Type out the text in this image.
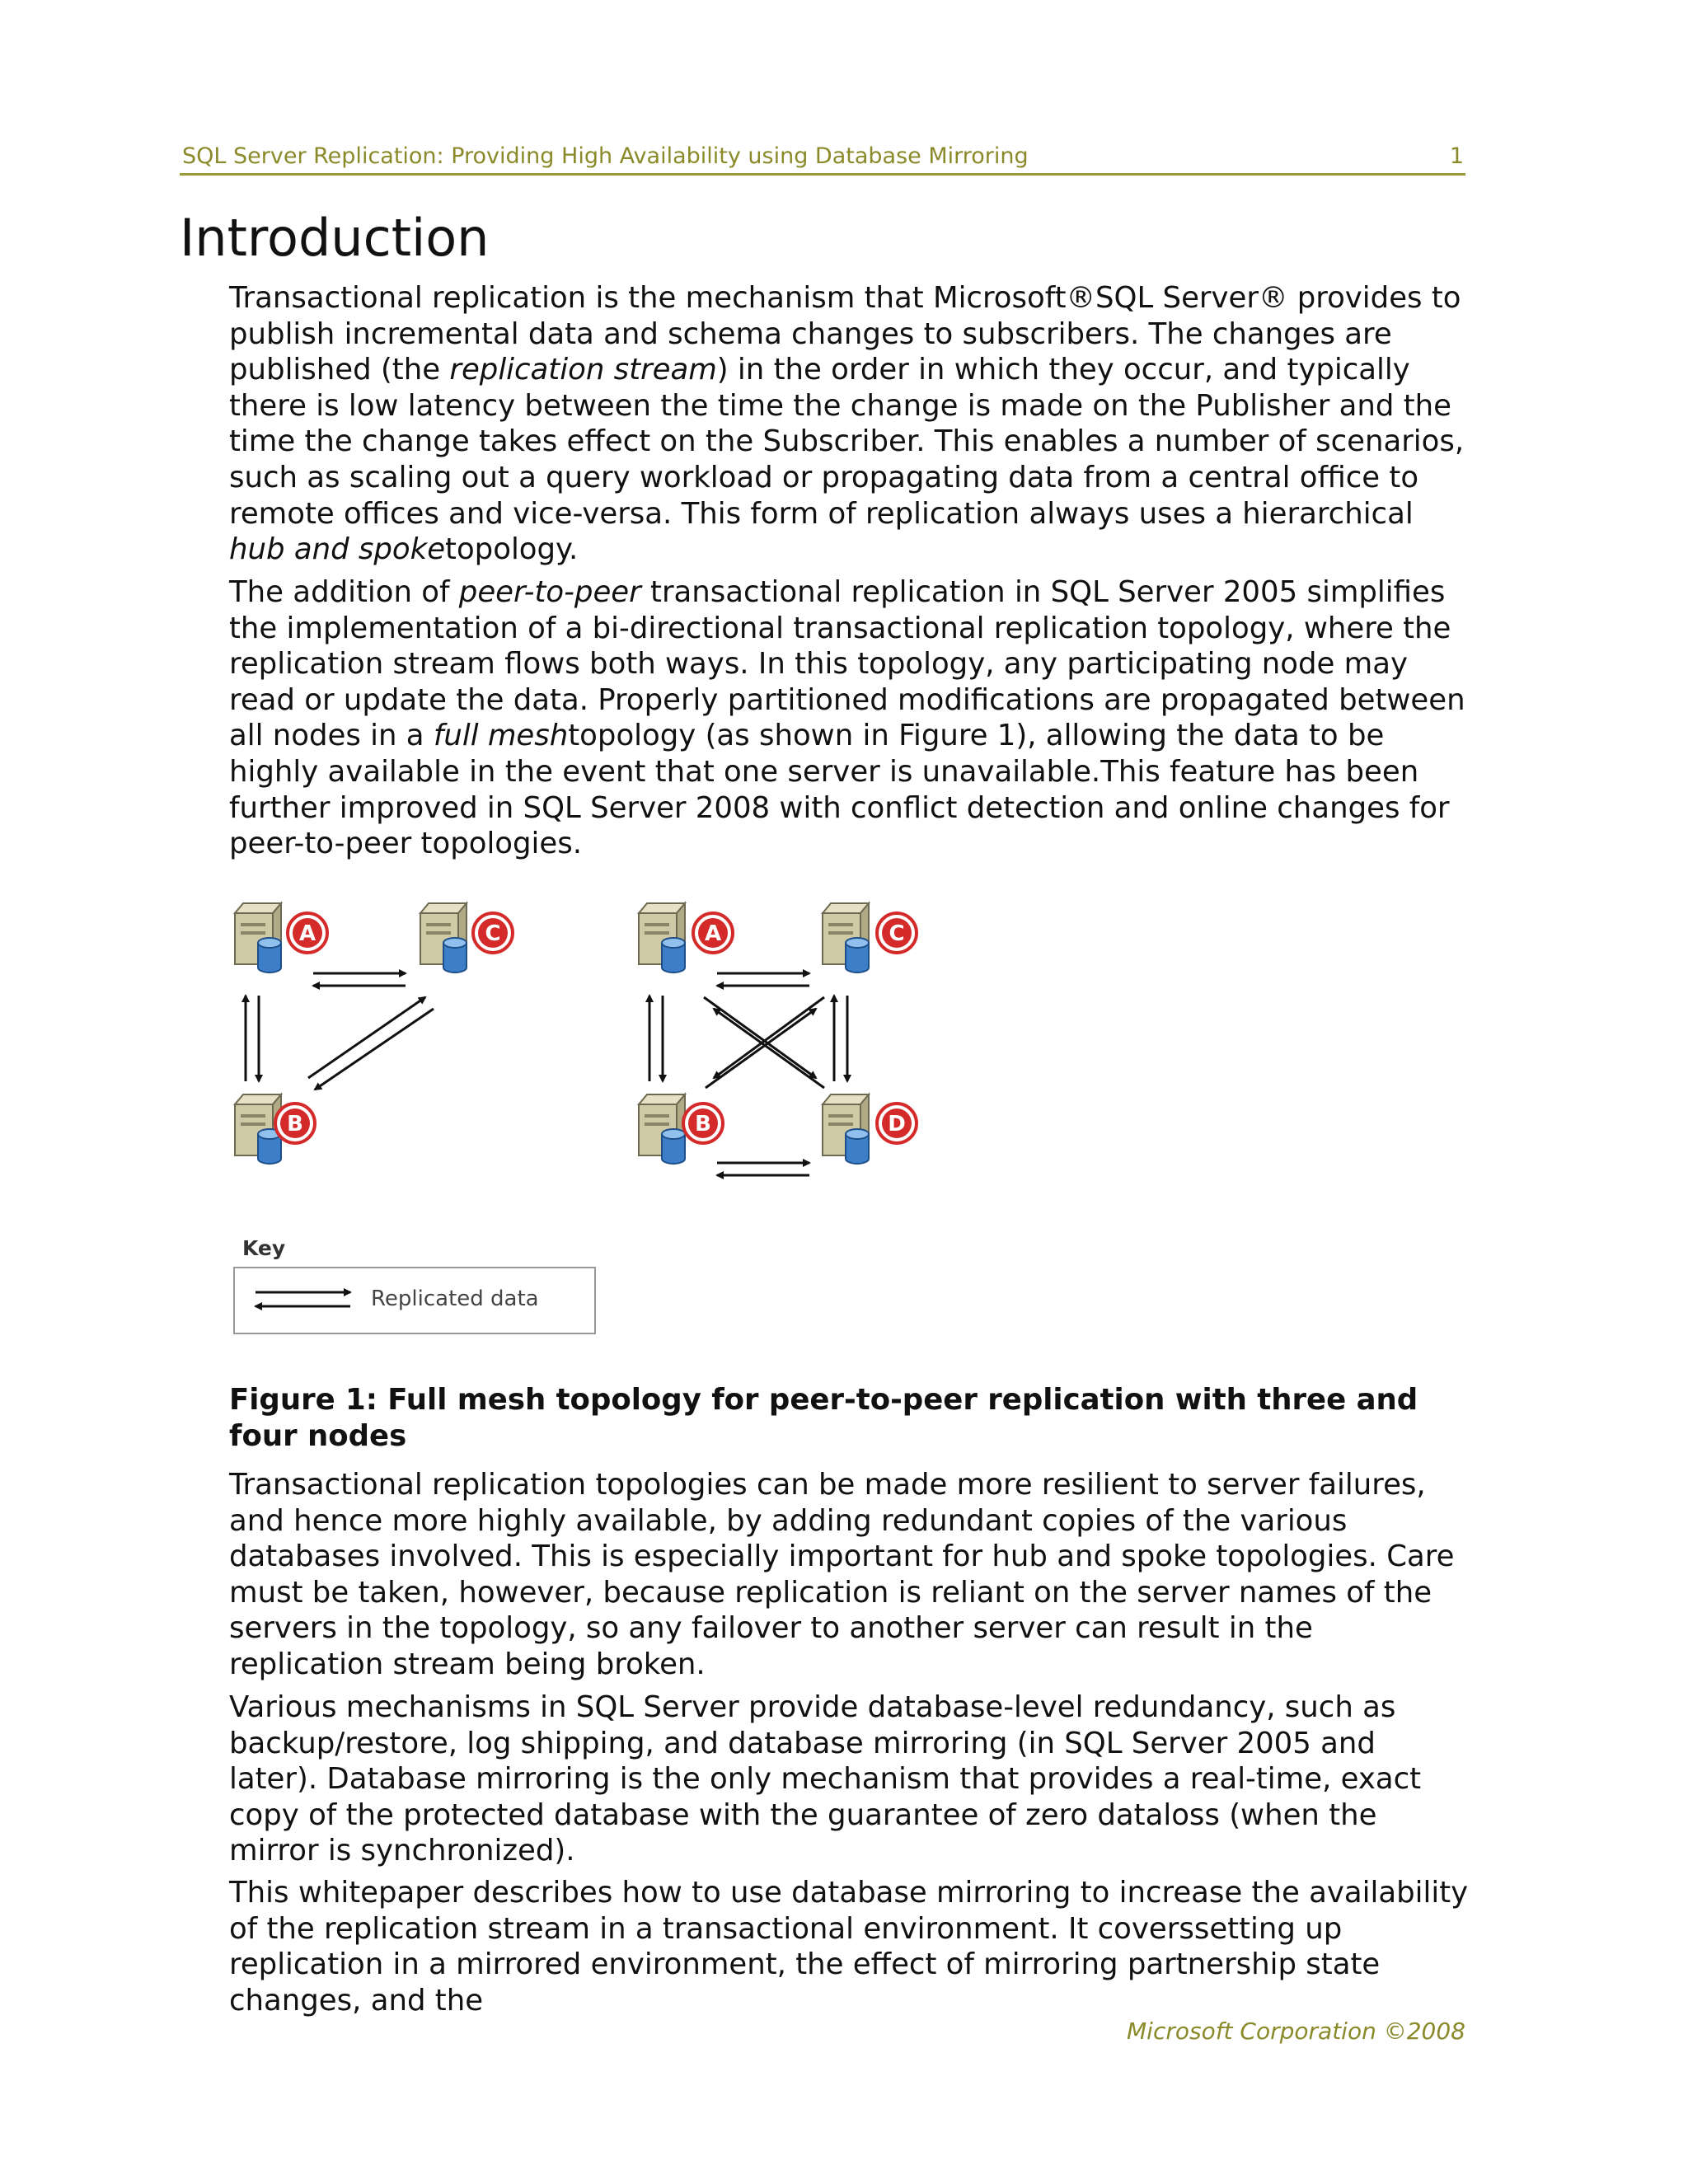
SQL Server Replication: Providing High Availability using Database Mirroring	1
Introduction

Transactional replication is the mechanism that Microsoft®SQL Server® provides to publish incremental data and schema changes to subscribers. The changes are published (the replication stream) in the order in which they occur, and typically there is low latency between the time the change is made on the Publisher and the time the change takes effect on the Subscriber. This enables a number of scenarios, such as scaling out a query workload or propagating data from a central office to remote offices and vice-versa. This form of replication always uses a hierarchical hub and spoketopology.

The addition of peer-to-peer transactional replication in SQL Server 2005 simplifies the implementation of a bi-directional transactional replication topology, where the replication stream flows both ways. In this topology, any participating node may read or update the data. Properly partitioned modifications are propagated between all nodes in a full meshtopology (as shown in Figure 1), allowing the data to be highly available in the event that one server is unavailable.This feature has been further improved in SQL Server 2008 with conflict detection and online changes for peer-to-peer topologies.

A	C
B
A	C
B	D
Key
Replicated data

Figure 1: Full mesh topology for peer-to-peer replication with three and four nodes

Transactional replication topologies can be made more resilient to server failures, and hence more highly available, by adding redundant copies of the various databases involved. This is especially important for hub and spoke topologies. Care must be taken, however, because replication is reliant on the server names of the servers in the topology, so any failover to another server can result in the replication stream being broken.

Various mechanisms in SQL Server provide database-level redundancy, such as backup/restore, log shipping, and database mirroring (in SQL Server 2005 and later). Database mirroring is the only mechanism that provides a real-time, exact copy of the protected database with the guarantee of zero dataloss (when the mirror is synchronized).

This whitepaper describes how to use database mirroring to increase the availability of the replication stream in a transactional environment. It coverssetting up replication in a mirrored environment, the effect of mirroring partnership state changes, and the

Microsoft Corporation ©2008
